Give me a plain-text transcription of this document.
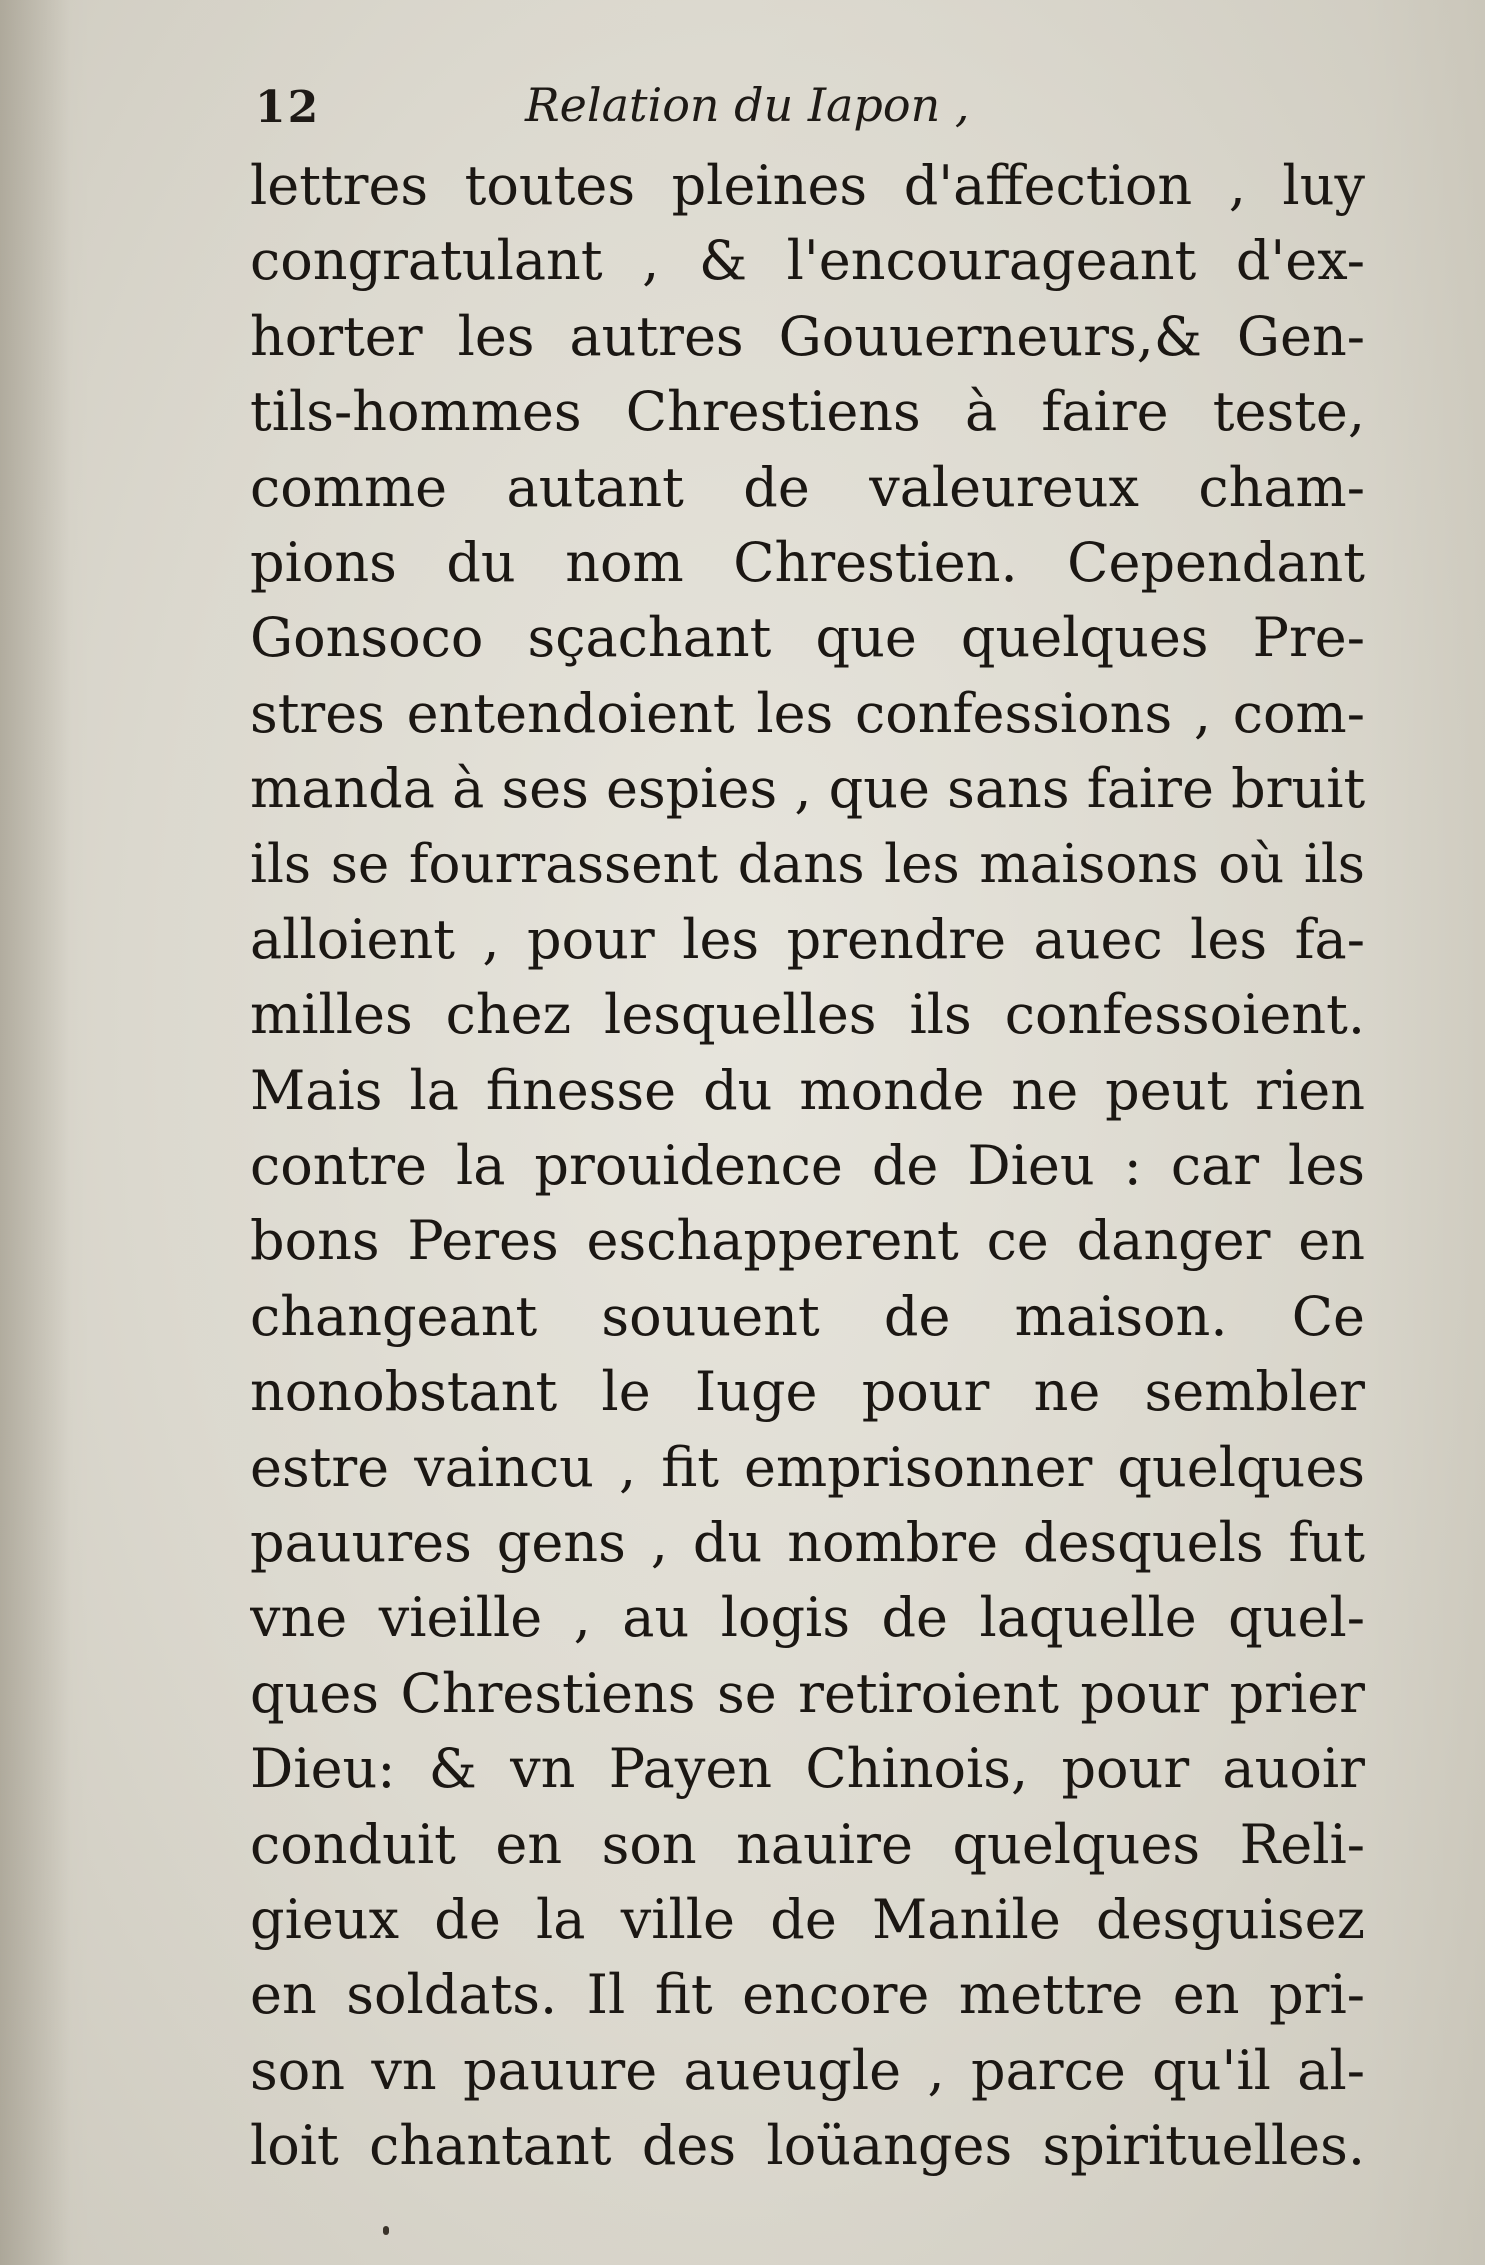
12	Relation du Iapon ,
lettres toutes pleines d'affection , luy
congratulant , & l'encourageant d'ex-
horter les autres Gouuerneurs,& Gen-
tils-hommes Chrestiens à faire teste,
comme autant de valeureux cham-
pions du nom Chrestien. Cependant
Gonsoco sçachant que quelques Pre-
stres entendoient les confessions , com-
manda à ses espies , que sans faire bruit
ils se fourrassent dans les maisons où ils
alloient , pour les prendre auec les fa-
milles chez lesquelles ils confessoient.
Mais la finesse du monde ne peut rien
contre la prouidence de Dieu : car les
bons Peres eschapperent ce danger en
changeant souuent de maison. Ce
nonobstant le Iuge pour ne sembler
estre vaincu , fit emprisonner quelques
pauures gens , du nombre desquels fut
vne vieille , au logis de laquelle quel-
ques Chrestiens se retiroient pour prier
Dieu: & vn Payen Chinois, pour auoir
conduit en son nauire quelques Reli-
gieux de la ville de Manile desguisez
en soldats. Il fit encore mettre en pri-
son vn pauure aueugle , parce qu'il al-
loit chantant des loüanges spirituelles.
